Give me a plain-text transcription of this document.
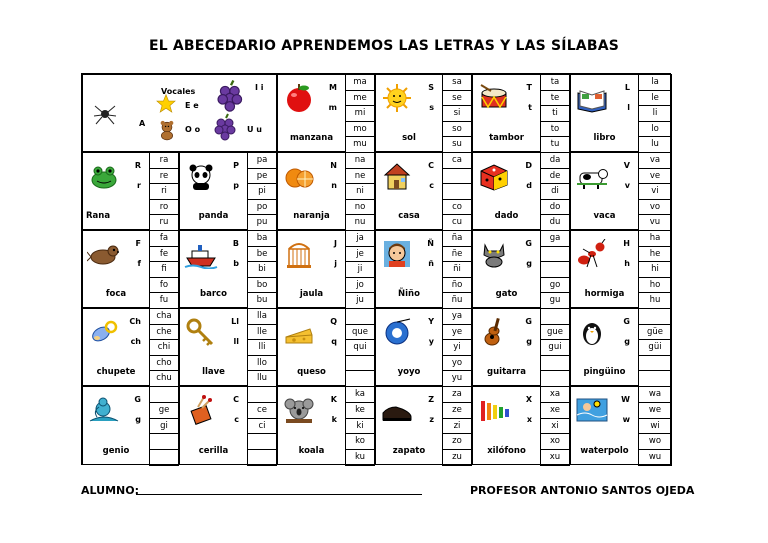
EL ABECEDARIO APRENDEMOS LAS LETRAS Y LAS SÍLABAS
ma
me
mi
mo
mu
sa
se
si
so
su
ta
te
ti
to
tu
la
le
li
lo
lu
ra
re
ri
ro
ru
pa
pe
pi
po
pu
na
ne
ni
no
nu
ca
co
cu
da
de
di
do
du
va
ve
vi
vo
vu
fa
fe
fi
fo
fu
ba
be
bi
bo
bu
ja
je
ji
jo
ju
ña
ñe
ñi
ño
ñu
ga
go
gu
ha
he
hi
ho
hu
cha
che
chi
cho
chu
lla
lle
lli
llo
llu
que
qui
ya
ye
yi
yo
yu
gue
gui
güe
güi
ge
gi
ce
ci
ka
ke
ki
ko
ku
za
ze
zi
zo
zu
xa
xe
xi
xo
xu
wa
we
wi
wo
wu
A
Vocales
E e
O o
I i
U u
M
m
manzana
S
s
sol
T
t
tambor
L
l
libro
R
r
Rana
P
p
panda
N
n
naranja
C
c
casa
D
d
dado
V
v
vaca
F
f
foca
B
b
barco
J
j
jaula
Ñ
ñ
Ñiño
G
g
gato
H
h
hormiga
Ch
ch
chupete
Ll
ll
llave
Q
q
queso
Y
y
yoyo
G
g
guitarra
G
g
pingüino
G
g
genio
C
c
cerilla
K
k
koala
Z
z
zapato
X
x
xilófono
W
w
waterpolo
ALUMNO:	PROFESOR ANTONIO SANTOS OJEDA
